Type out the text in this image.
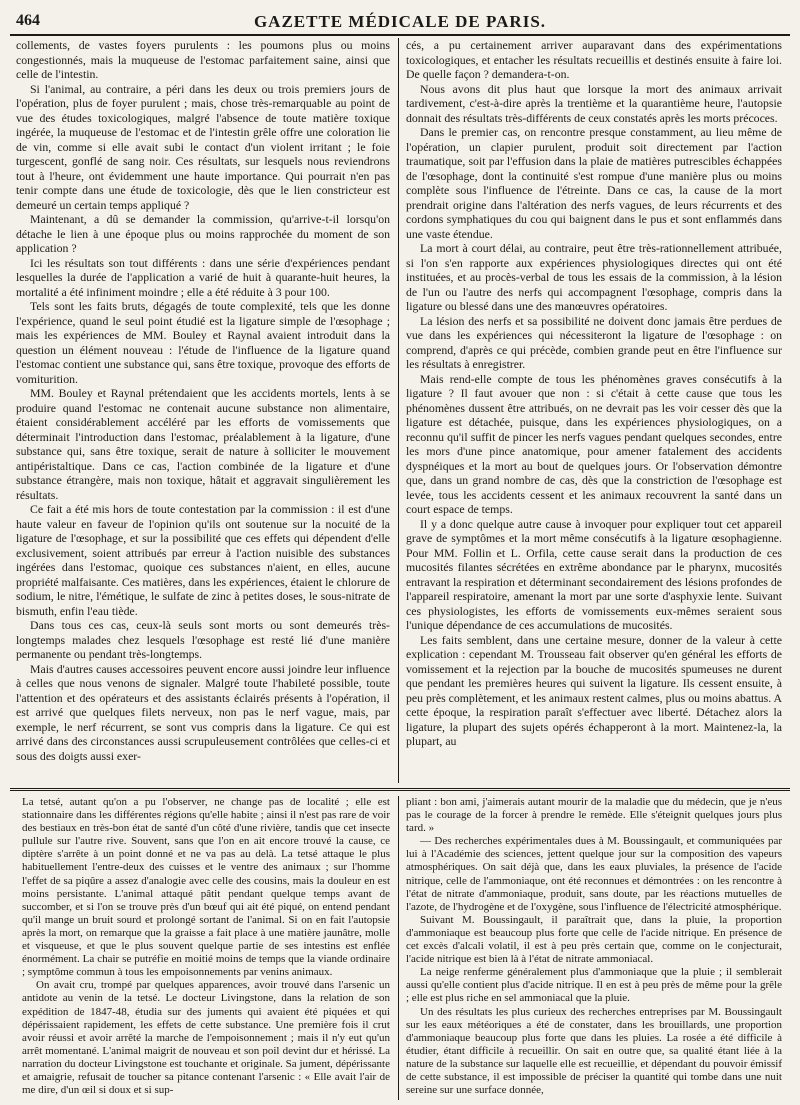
464	GAZETTE MÉDICALE DE PARIS.

collements, de vastes foyers purulents : les poumons plus ou moins congestionnés, mais la muqueuse de l'estomac parfaitement saine, ainsi que celle de l'intestin.

Si l'animal, au contraire, a péri dans les deux ou trois premiers jours de l'opération, plus de foyer purulent ; mais, chose très-remarquable au point de vue des études toxicologiques, malgré l'absence de toute matière toxique ingérée, la muqueuse de l'estomac et de l'intestin grêle offre une coloration lie de vin, comme si elle avait subi le contact d'un violent irritant ; le foie turgescent, gonflé de sang noir. Ces résultats, sur lesquels nous reviendrons tout à l'heure, ont évidemment une haute importance. Qui pourrait n'en pas tenir compte dans une étude de toxicologie, dès que le lien constricteur est demeuré un certain temps appliqué ?

Maintenant, a dû se demander la commission, qu'arrive-t-il lorsqu'on détache le lien à une époque plus ou moins rapprochée du moment de son application ?

Ici les résultats son tout différents : dans une série d'expériences pendant lesquelles la durée de l'application a varié de huit à quarante-huit heures, la mortalité a été infiniment moindre ; elle a été réduite à 3 pour 100.

Tels sont les faits bruts, dégagés de toute complexité, tels que les donne l'expérience, quand le seul point étudié est la ligature simple de l'œsophage ; mais les expériences de MM. Bouley et Raynal avaient introduit dans la question un élément nouveau : l'étude de l'influence de la ligature quand l'estomac contient une substance qui, sans être toxique, provoque des efforts de vomiturition.

MM. Bouley et Raynal prétendaient que les accidents mortels, lents à se produire quand l'estomac ne contenait aucune substance non alimentaire, étaient considérablement accéléré par les efforts de vomissements que déterminait l'introduction dans l'estomac, préalablement à la ligature, d'une substance qui, sans être toxique, serait de nature à solliciter le mouvement antipéristaltique. Dans ce cas, l'action combinée de la ligature et d'une substance étrangère, mais non toxique, hâtait et aggravait singulièrement les résultats.

Ce fait a été mis hors de toute contestation par la commission : il est d'une haute valeur en faveur de l'opinion qu'ils ont soutenue sur la nocuité de la ligature de l'œsophage, et sur la possibilité que ces effets qui dépendent d'elle exclusivement, soient attribués par erreur à l'action nuisible des substances ingérées dans l'estomac, quoique ces substances n'aient, en elles, aucune propriété malfaisante. Ces matières, dans les expériences, étaient le chlorure de sodium, le nitre, l'émétique, le sulfate de zinc à petites doses, le sous-nitrate de bismuth, enfin l'eau tiède.

Dans tous ces cas, ceux-là seuls sont morts ou sont demeurés très-longtemps malades chez lesquels l'œsophage est resté lié d'une manière permanente ou pendant très-longtemps.

Mais d'autres causes accessoires peuvent encore aussi joindre leur influence à celles que nous venons de signaler. Malgré toute l'habileté possible, toute l'attention et des opérateurs et des assistants éclairés présents à l'opération, il est arrivé que quelques filets nerveux, non pas le nerf vague, mais, par exemple, le nerf récurrent, se sont vus compris dans la ligature. Ce qui est arrivé dans des circonstances aussi scrupuleusement contrôlées que celles-ci et sous des doigts aussi exer-

cés, a pu certainement arriver auparavant dans des expérimentations toxicologiques, et entacher les résultats recueillis et destinés ensuite à faire loi. De quelle façon ? demandera-t-on.

Nous avons dit plus haut que lorsque la mort des animaux arrivait tardivement, c'est-à-dire après la trentième et la quarantième heure, l'autopsie donnait des résultats très-différents de ceux constatés après les morts précoces.

Dans le premier cas, on rencontre presque constamment, au lieu même de l'opération, un clapier purulent, produit soit directement par l'action traumatique, soit par l'effusion dans la plaie de matières putrescibles échappées de l'œsophage, dont la continuité s'est rompue d'une manière plus ou moins complète sous l'influence de l'étreinte. Dans ce cas, la cause de la mort prendrait origine dans l'altération des nerfs vagues, de leurs récurrents et des cordons symphatiques du cou qui baignent dans le pus et sont enflammés dans une vaste étendue.

La mort à court délai, au contraire, peut être très-rationnellement attribuée, si l'on s'en rapporte aux expériences physiologiques directes qui ont été instituées, et au procès-verbal de tous les essais de la commission, à la lésion de l'un ou l'autre des nerfs qui accompagnent l'œsophage, compris dans la ligature ou blessé dans une des manœuvres opératoires.

La lésion des nerfs et sa possibilité ne doivent donc jamais être perdues de vue dans les expériences qui nécessiteront la ligature de l'œsophage : on comprend, d'après ce qui précède, combien grande peut en être l'influence sur les résultats à enregistrer.

Mais rend-elle compte de tous les phénomènes graves consécutifs à la ligature ? Il faut avouer que non : si c'était à cette cause que tous les phénomènes dussent être attribués, on ne devrait pas les voir cesser dès que la ligature est détachée, puisque, dans les expériences physiologiques, on a reconnu qu'il suffit de pincer les nerfs vagues pendant quelques secondes, entre les mors d'une pince anatomique, pour amener fatalement des accidents dyspnéiques et la mort au bout de quelques jours. Or l'observation démontre que, dans un grand nombre de cas, dès que la constriction de l'œsophage est levée, tous les accidents cessent et les animaux recouvrent la santé dans un court espace de temps.

Il y a donc quelque autre cause à invoquer pour expliquer tout cet appareil grave de symptômes et la mort même consécutifs à la ligature œsophagienne. Pour MM. Follin et L. Orfila, cette cause serait dans la production de ces mucosités filantes sécrétées en extrême abondance par le pharynx, mucosités entravant la respiration et déterminant secondairement des lésions profondes de l'appareil respiratoire, amenant la mort par une sorte d'asphyxie lente. Suivant ces physiologistes, les efforts de vomissements eux-mêmes seraient sous l'unique dépendance de ces accumulations de mucosités.

Les faits semblent, dans une certaine mesure, donner de la valeur à cette explication : cependant M. Trousseau fait observer qu'en général les efforts de vomissement et la rejection par la bouche de mucosités spumeuses ne durent que pendant les premières heures qui suivent la ligature. Ils cessent ensuite, à peu près complètement, et les animaux restent calmes, plus ou moins abattus. A cette époque, la respiration paraît s'effectuer avec liberté. Détachez alors la ligature, la plupart des sujets opérés échapperont à la mort. Maintenez-la, la plupart, au

La tetsé, autant qu'on a pu l'observer, ne change pas de localité ; elle est stationnaire dans les différentes régions qu'elle habite ; ainsi il n'est pas rare de voir des bestiaux en très-bon état de santé d'un côté d'une rivière, tandis que cet insecte pullule sur l'autre rive. Souvent, sans que l'on en ait encore trouvé la cause, ce diptère s'arrête à un point donné et ne va pas au delà. La tetsé attaque le plus habituellement l'entre-deux des cuisses et le ventre des animaux ; sur l'homme l'effet de sa piqûre a assez d'analogie avec celle des cousins, mais la douleur en est moins persistante. L'animal attaqué pâtit pendant quelque temps avant de succomber, et si l'on se trouve près d'un bœuf qui ait été piqué, on entend pendant qu'il mange un bruit sourd et prolongé sortant de l'animal. Si on en fait l'autopsie après la mort, on remarque que la graisse a fait place à une matière jaunâtre, molle et visqueuse, et que le plus souvent quelque partie de ses intestins est enflée énormément. La chair se putréfie en moitié moins de temps que la viande ordinaire ; symptôme commun à tous les empoisonnements par venins animaux.

On avait cru, trompé par quelques apparences, avoir trouvé dans l'arsenic un antidote au venin de la tetsé. Le docteur Livingstone, dans la relation de son expédition de 1847-48, étudia sur des juments qui avaient été piquées et qui dépérissaient rapidement, les effets de cette substance. Une première fois il crut avoir réussi et avoir arrêté la marche de l'empoisonnement ; mais il n'y eut qu'un arrêt momentané. L'animal maigrit de nouveau et son poil devint dur et hérissé. La narration du docteur Livingstone est touchante et originale. Sa jument, dépérissante et amaigrie, refusait de toucher sa pitance contenant l'arsenic : « Elle avait l'air de me dire, d'un œil si doux et si sup-

pliant : bon ami, j'aimerais autant mourir de la maladie que du médecin, que je n'eus pas le courage de la forcer à prendre le remède. Elle s'éteignit quelques jours plus tard. »

— Des recherches expérimentales dues à M. Boussingault, et communiquées par lui à l'Académie des sciences, jettent quelque jour sur la composition des vapeurs atmosphériques. On sait déjà que, dans les eaux pluviales, la présence de l'acide nitrique, celle de l'ammoniaque, ont été reconnues et démontrées : on les rencontre à l'état de nitrate d'ammoniaque, produit, sans doute, par les réactions mutuelles de l'azote, de l'hydrogène et de l'oxygène, sous l'influence de l'électricité atmosphérique.

Suivant M. Boussingault, il paraîtrait que, dans la pluie, la proportion d'ammoniaque est beaucoup plus forte que celle de l'acide nitrique. En présence de cet excès d'alcali volatil, il est à peu près certain que, comme on le conjecturait, l'acide nitrique est bien là à l'état de nitrate ammoniacal.

La neige renferme généralement plus d'ammoniaque que la pluie ; il semblerait aussi qu'elle contient plus d'acide nitrique. Il en est à peu près de même pour la grêle ; elle est plus riche en sel ammoniacal que la pluie.

Un des résultats les plus curieux des recherches entreprises par M. Boussingault sur les eaux météoriques a été de constater, dans les brouillards, une proportion d'ammoniaque beaucoup plus forte que dans les pluies. La rosée a été difficile à étudier, étant difficile à recueillir. On sait en outre que, sa qualité étant liée à la nature de la substance sur laquelle elle est recueillie, et dépendant du pouvoir émissif de cette substance, il est impossible de préciser la quantité qui tombe dans une nuit sereine sur une surface donnée,
